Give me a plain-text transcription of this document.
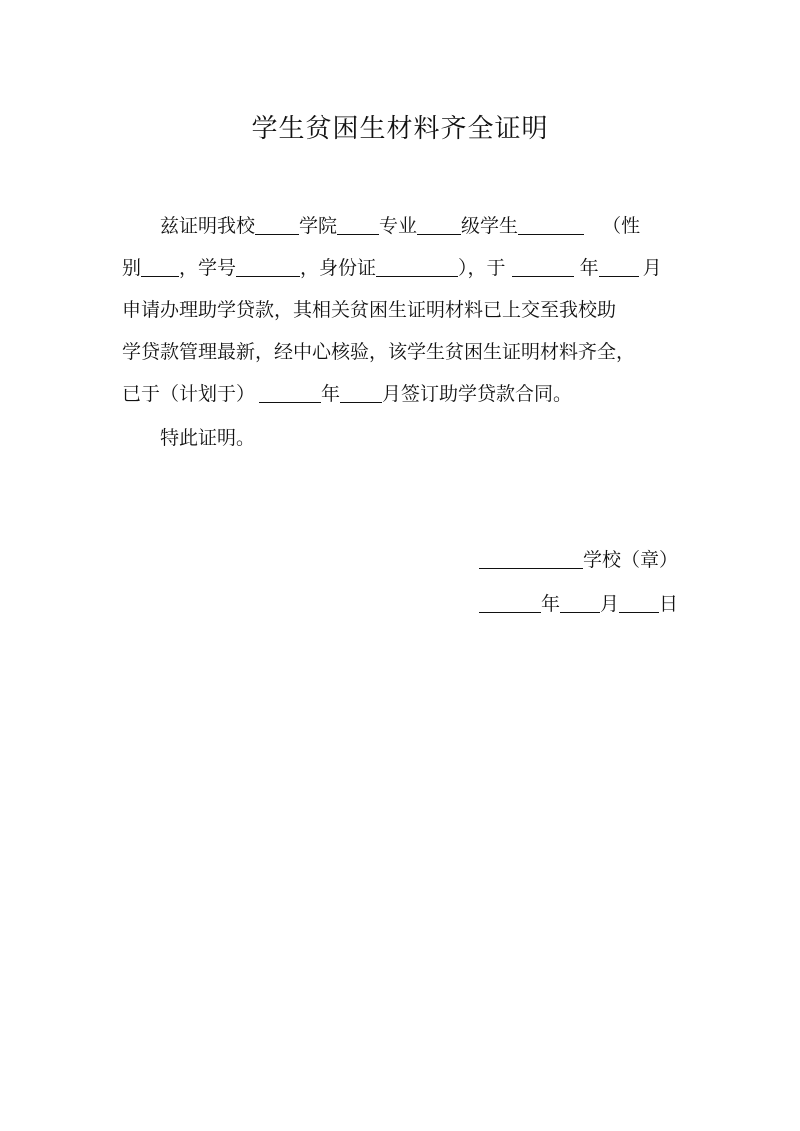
学生贫困生材料齐全证明
兹证明我校 学院 专业 级学生	（性
别 ，学号	，身份证	），于	年 月
申请办理助学贷款，其相关贫困生证明材料已上交至我校助
学贷款管理最新，经中心核验，该学生贫困生证明材料齐全，
已于（计划于）	年 月签订助学贷款合同。
特此证明。
学校（章）
年 月 日
